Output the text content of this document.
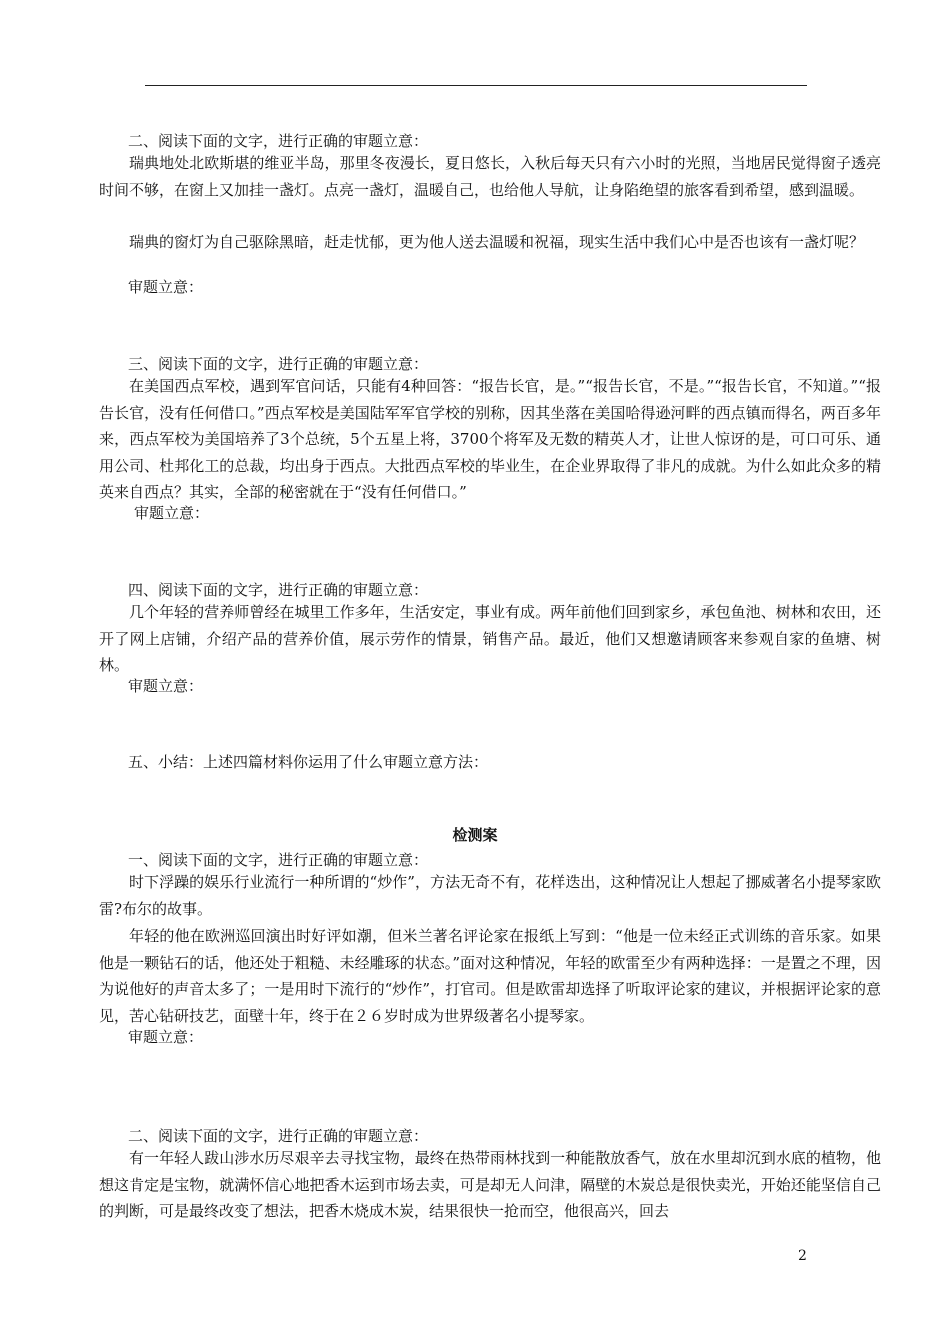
二、阅读下面的文字，进行正确的审题立意：
瑞典地处北欧斯堪的维亚半岛，那里冬夜漫长，夏日悠长，入秋后每天只有六小时的光照，当地居民觉得窗子透亮时间不够，在窗上又加挂一盏灯。点亮一盏灯，温暖自己，也给他人导航，让身陷绝望的旅客看到希望，感到温暖。
瑞典的窗灯为自己驱除黑暗，赶走忧郁，更为他人送去温暖和祝福，现实生活中我们心中是否也该有一盏灯呢？
审题立意：
三、阅读下面的文字，进行正确的审题立意：
在美国西点军校，遇到军官问话，只能有4种回答：“报告长官，是。”“报告长官，不是。”“报告长官，不知道。”“报告长官，没有任何借口。”西点军校是美国陆军军官学校的别称，因其坐落在美国哈得逊河畔的西点镇而得名，两百多年来，西点军校为美国培养了3个总统，5个五星上将，3700个将军及无数的精英人才，让世人惊讶的是，可口可乐、通用公司、杜邦化工的总裁，均出身于西点。大批西点军校的毕业生，在企业界取得了非凡的成就。为什么如此众多的精英来自西点？其实，全部的秘密就在于“没有任何借口。”
审题立意：
四、阅读下面的文字，进行正确的审题立意：
几个年轻的营养师曾经在城里工作多年，生活安定，事业有成。两年前他们回到家乡，承包鱼池、树林和农田，还开了网上店铺，介绍产品的营养价值，展示劳作的情景，销售产品。最近，他们又想邀请顾客来参观自家的鱼塘、树林。
审题立意：
五、小结：上述四篇材料你运用了什么审题立意方法：
检测案
一、阅读下面的文字，进行正确的审题立意：
时下浮躁的娱乐行业流行一种所谓的“炒作”，方法无奇不有，花样迭出，这种情况让人想起了挪威著名小提琴家欧雷?布尔的故事。
年轻的他在欧洲巡回演出时好评如潮，但米兰著名评论家在报纸上写到：“他是一位未经正式训练的音乐家。如果他是一颗钻石的话，他还处于粗糙、未经雕琢的状态。”面对这种情况，年轻的欧雷至少有两种选择：一是置之不理，因为说他好的声音太多了；一是用时下流行的“炒作”，打官司。但是欧雷却选择了听取评论家的建议，并根据评论家的意见，苦心钻研技艺，面壁十年，终于在２６岁时成为世界级著名小提琴家。
审题立意：
二、阅读下面的文字，进行正确的审题立意：
有一年轻人跋山涉水历尽艰辛去寻找宝物，最终在热带雨林找到一种能散放香气，放在水里却沉到水底的植物，他想这肯定是宝物，就满怀信心地把香木运到市场去卖，可是却无人问津，隔壁的木炭总是很快卖光，开始还能坚信自己的判断，可是最终改变了想法，把香木烧成木炭，结果很快一抢而空，他很高兴，回去
2
